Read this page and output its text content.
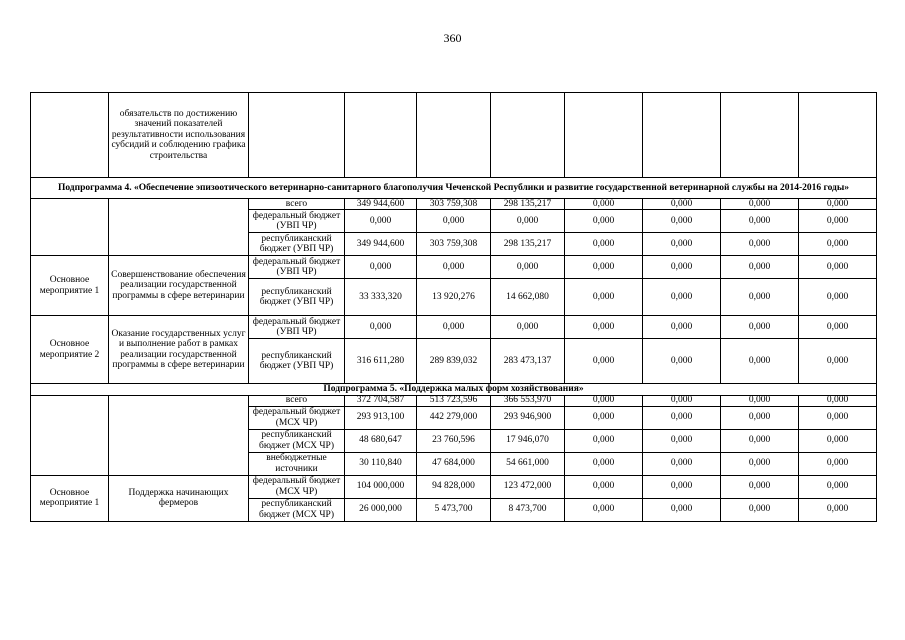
360
	обязательств по достижению значений показателей результативности использования субсидий и соблюдению графика строительства								
Подпрограмма 4. «Обеспечение эпизоотического ветеринарно-санитарного благополучия Чеченской Республики и развитие государственной ветеринарной службы на 2014-2016 годы»									
		всего	349 944,600	303 759,308	298 135,217	0,000	0,000	0,000	0,000
		федеральный бюджет (УВП ЧР)	0,000	0,000	0,000	0,000	0,000	0,000	0,000
		республиканский бюджет (УВП ЧР)	349 944,600	303 759,308	298 135,217	0,000	0,000	0,000	0,000
Основное мероприятие 1	Совершенствование обеспечения реализации государственной программы в сфере ветеринарии	федеральный бюджет (УВП ЧР)	0,000	0,000	0,000	0,000	0,000	0,000	0,000
		республиканский бюджет (УВП ЧР)	33 333,320	13 920,276	14 662,080	0,000	0,000	0,000	0,000
Основное мероприятие 2	Оказание государственных услуг и выполнение работ в рамках реализации государственной программы в сфере ветеринарии	федеральный бюджет (УВП ЧР)	0,000	0,000	0,000	0,000	0,000	0,000	0,000
		республиканский бюджет (УВП ЧР)	316 611,280	289 839,032	283 473,137	0,000	0,000	0,000	0,000
Подпрограмма 5. «Поддержка малых форм хозяйствования»									
		всего	372 704,587	513 723,596	366 553,970	0,000	0,000	0,000	0,000
		федеральный бюджет (МСХ ЧР)	293 913,100	442 279,000	293 946,900	0,000	0,000	0,000	0,000
		республиканский бюджет (МСХ ЧР)	48 680,647	23 760,596	17 946,070	0,000	0,000	0,000	0,000
		внебюджетные источники	30 110,840	47 684,000	54 661,000	0,000	0,000	0,000	0,000
Основное мероприятие 1	Поддержка начинающих фермеров	федеральный бюджет (МСХ ЧР)	104 000,000	94 828,000	123 472,000	0,000	0,000	0,000	0,000
		республиканский бюджет (МСХ ЧР)	26 000,000	5 473,700	8 473,700	0,000	0,000	0,000	0,000
